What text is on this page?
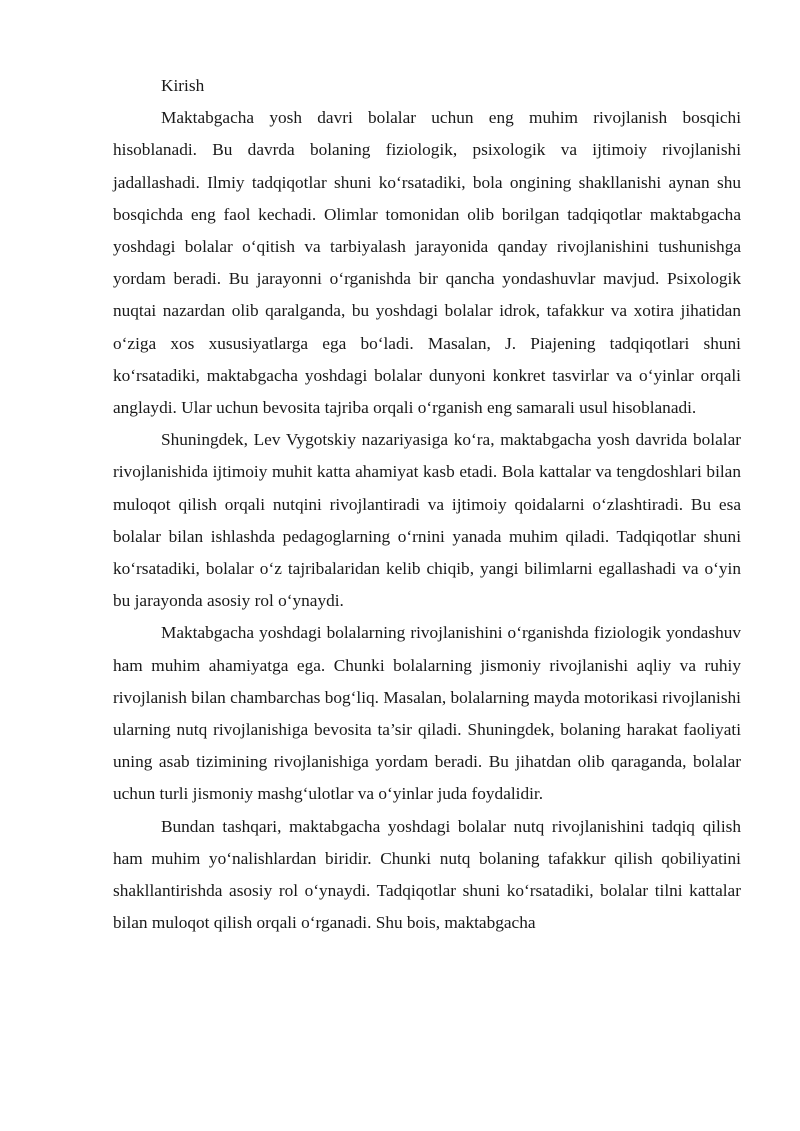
Kirish

Maktabgacha yosh davri bolalar uchun eng muhim rivojlanish bosqichi hisoblanadi. Bu davrda bolaning fiziologik, psixologik va ijtimoiy rivojlanishi jadallashadi. Ilmiy tadqiqotlar shuni ko‘rsatadiki, bola ongining shakllanishi aynan shu bosqichda eng faol kechadi. Olimlar tomonidan olib borilgan tadqiqotlar maktabgacha yoshdagi bolalar o‘qitish va tarbiyalash jarayonida qanday rivojlanishini tushunishga yordam beradi. Bu jarayonni o‘rganishda bir qancha yondashuvlar mavjud. Psixologik nuqtai nazardan olib qaralganda, bu yoshdagi bolalar idrok, tafakkur va xotira jihatidan o‘ziga xos xususiyatlarga ega bo‘ladi. Masalan, J. Piajening tadqiqotlari shuni ko‘rsatadiki, maktabgacha yoshdagi bolalar dunyoni konkret tasvirlar va o‘yinlar orqali anglaydi. Ular uchun bevosita tajriba orqali o‘rganish eng samarali usul hisoblanadi.

Shuningdek, Lev Vygotskiy nazariyasiga ko‘ra, maktabgacha yosh davrida bolalar rivojlanishida ijtimoiy muhit katta ahamiyat kasb etadi. Bola kattalar va tengdoshlari bilan muloqot qilish orqali nutqini rivojlantiradi va ijtimoiy qoidalarni o‘zlashtiradi. Bu esa bolalar bilan ishlashda pedagoglarning o‘rnini yanada muhim qiladi. Tadqiqotlar shuni ko‘rsatadiki, bolalar o‘z tajribalaridan kelib chiqib, yangi bilimlarni egallashadi va o‘yin bu jarayonda asosiy rol o‘ynaydi.

Maktabgacha yoshdagi bolalarning rivojlanishini o‘rganishda fiziologik yondashuv ham muhim ahamiyatga ega. Chunki bolalarning jismoniy rivojlanishi aqliy va ruhiy rivojlanish bilan chambarchas bog‘liq. Masalan, bolalarning mayda motorikasi rivojlanishi ularning nutq rivojlanishiga bevosita ta’sir qiladi. Shuningdek, bolaning harakat faoliyati uning asab tizimining rivojlanishiga yordam beradi. Bu jihatdan olib qaraganda, bolalar uchun turli jismoniy mashg‘ulotlar va o‘yinlar juda foydalidir.

Bundan tashqari, maktabgacha yoshdagi bolalar nutq rivojlanishini tadqiq qilish ham muhim yo‘nalishlardan biridir. Chunki nutq bolaning tafakkur qilish qobiliyatini shakllantirishda asosiy rol o‘ynaydi. Tadqiqotlar shuni ko‘rsatadiki, bolalar tilni kattalar bilan muloqot qilish orqali o‘rganadi. Shu bois, maktabgacha
